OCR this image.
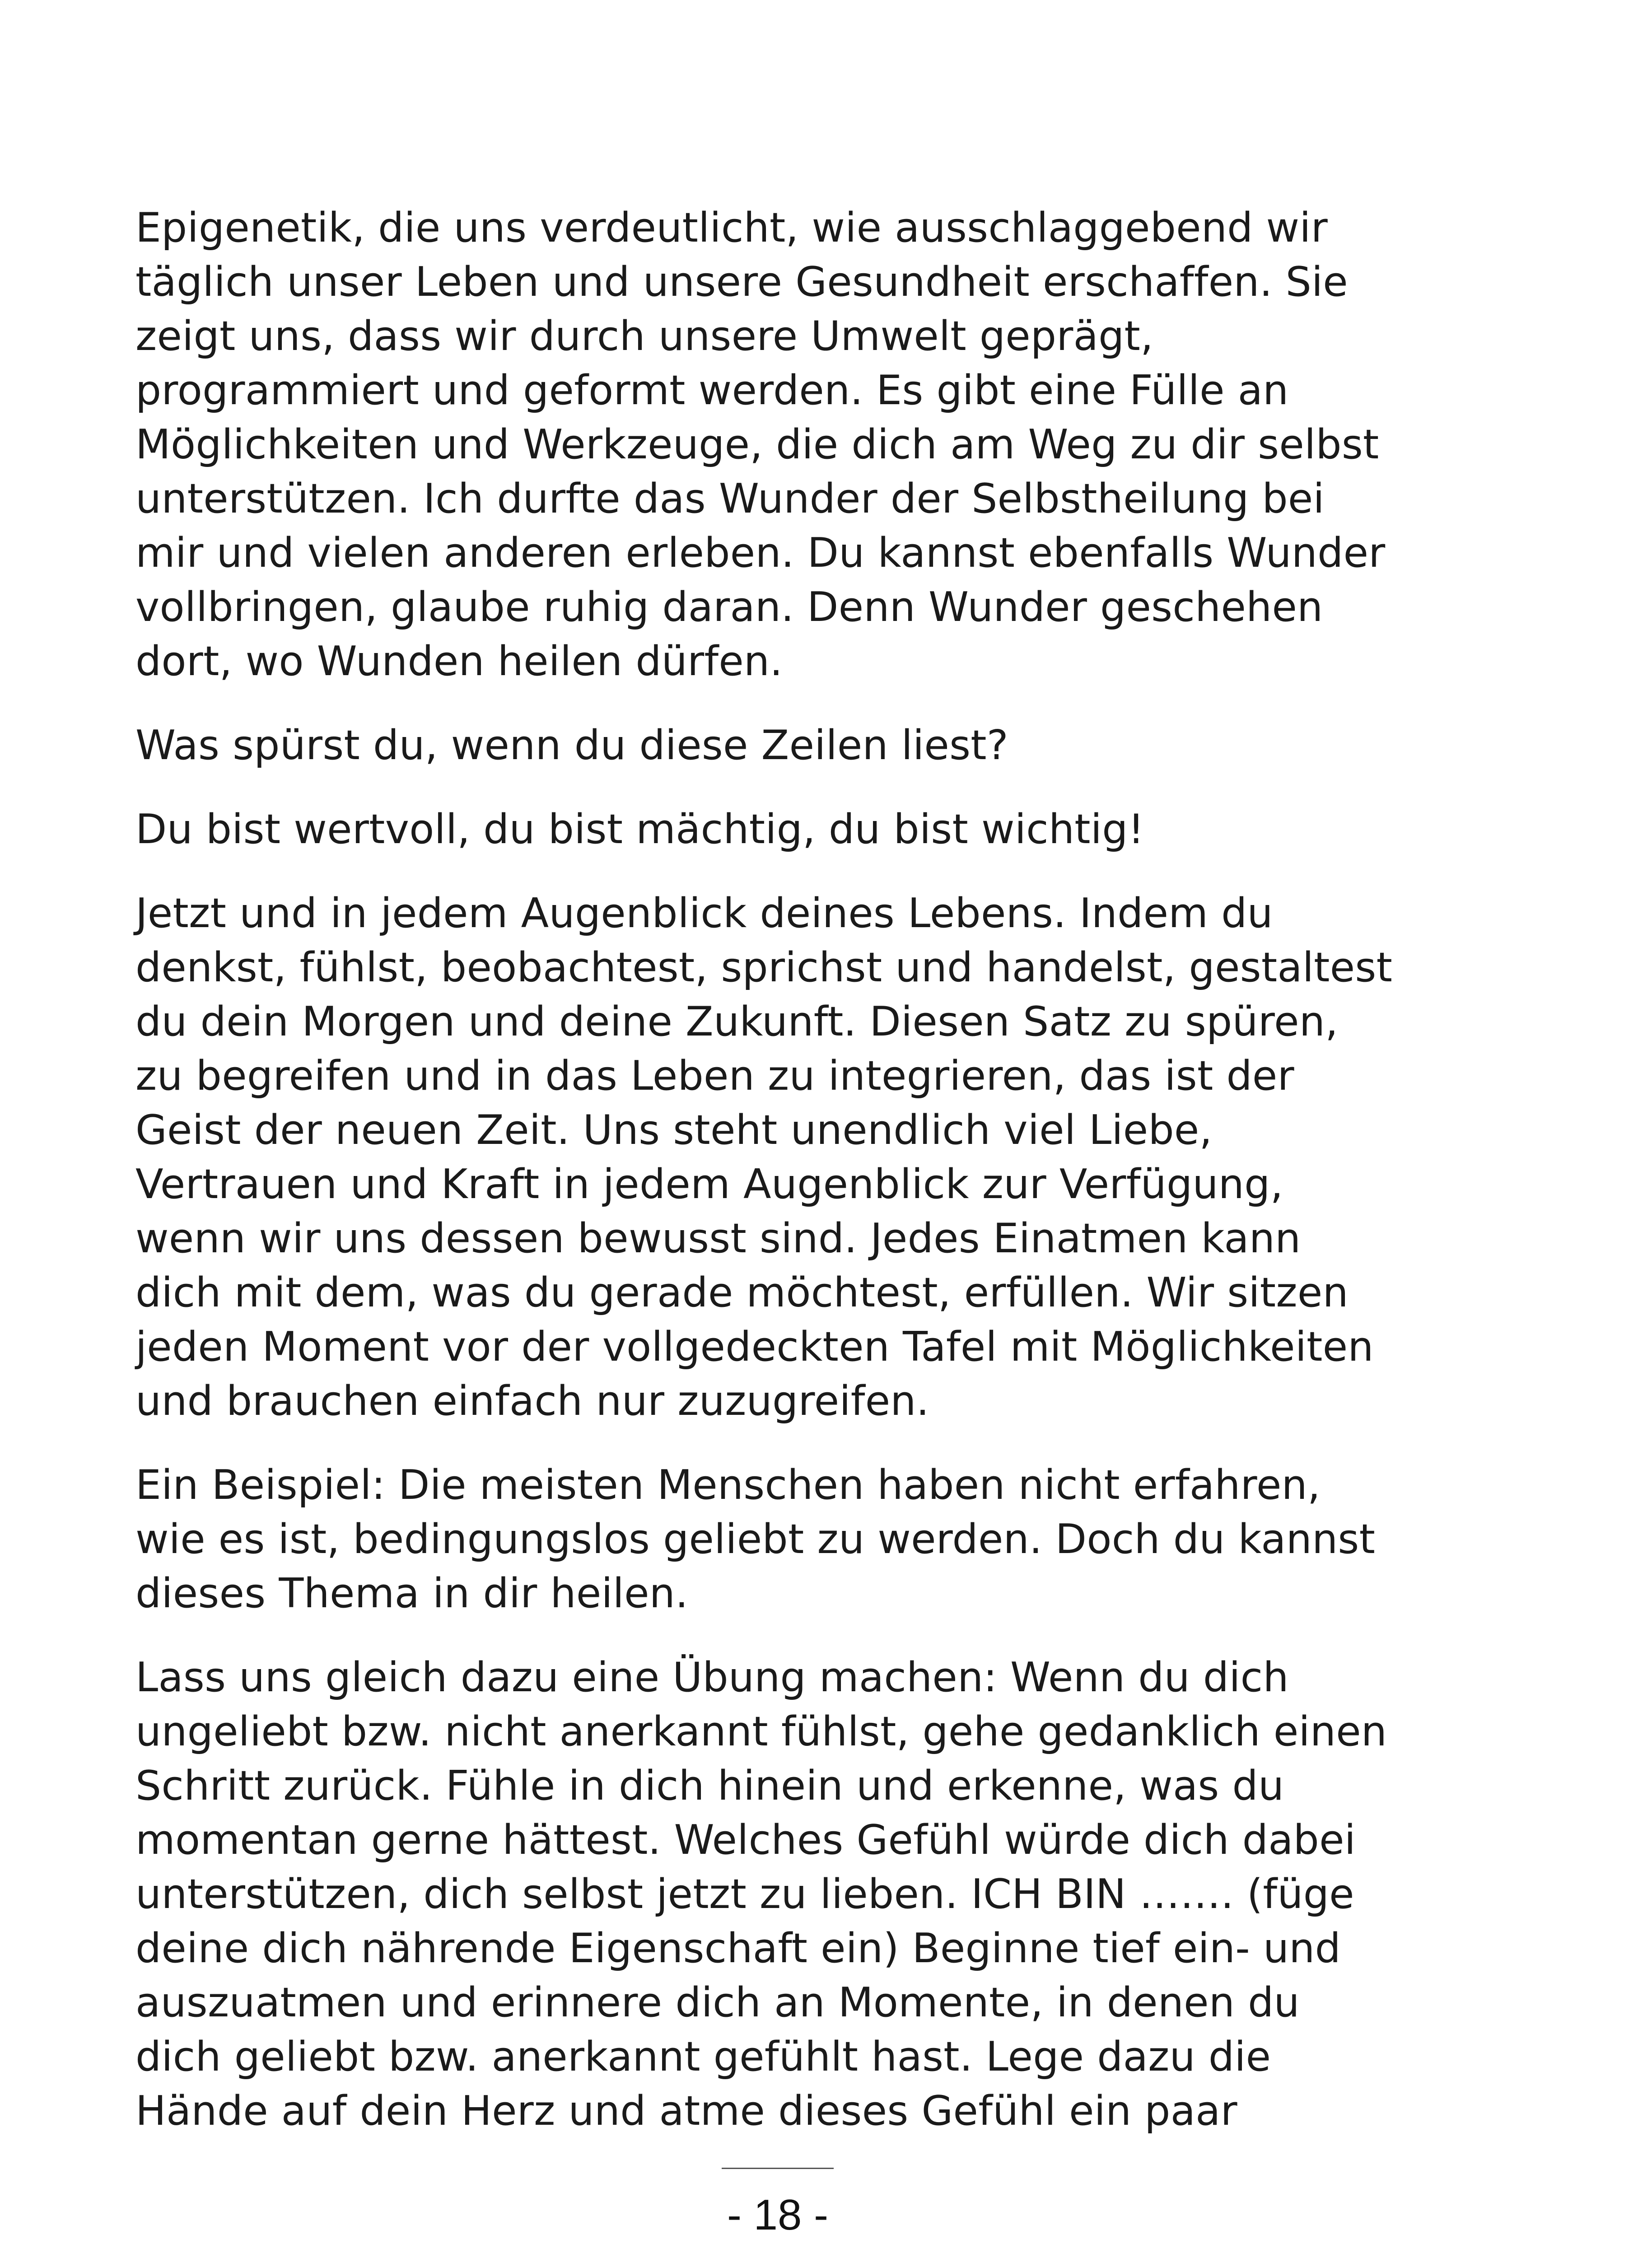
Epigenetik, die uns verdeutlicht, wie ausschlaggebend wir
täglich unser Leben und unsere Gesundheit erschaffen. Sie
zeigt uns, dass wir durch unsere Umwelt geprägt,
programmiert und geformt werden. Es gibt eine Fülle an
Möglichkeiten und Werkzeuge, die dich am Weg zu dir selbst
unterstützen. Ich durfte das Wunder der Selbstheilung bei
mir und vielen anderen erleben. Du kannst ebenfalls Wunder
vollbringen, glaube ruhig daran. Denn Wunder geschehen
dort, wo Wunden heilen dürfen.

Was spürst du, wenn du diese Zeilen liest?

Du bist wertvoll, du bist mächtig, du bist wichtig!

Jetzt und in jedem Augenblick deines Lebens. Indem du
denkst, fühlst, beobachtest, sprichst und handelst, gestaltest
du dein Morgen und deine Zukunft. Diesen Satz zu spüren,
zu begreifen und in das Leben zu integrieren, das ist der
Geist der neuen Zeit. Uns steht unendlich viel Liebe,
Vertrauen und Kraft in jedem Augenblick zur Verfügung,
wenn wir uns dessen bewusst sind. Jedes Einatmen kann
dich mit dem, was du gerade möchtest, erfüllen. Wir sitzen
jeden Moment vor der vollgedeckten Tafel mit Möglichkeiten
und brauchen einfach nur zuzugreifen.

Ein Beispiel: Die meisten Menschen haben nicht erfahren,
wie es ist, bedingungslos geliebt zu werden. Doch du kannst
dieses Thema in dir heilen.

Lass uns gleich dazu eine Übung machen: Wenn du dich
ungeliebt bzw. nicht anerkannt fühlst, gehe gedanklich einen
Schritt zurück. Fühle in dich hinein und erkenne, was du
momentan gerne hättest. Welches Gefühl würde dich dabei
unterstützen, dich selbst jetzt zu lieben. ICH BIN ……. (füge
deine dich nährende Eigenschaft ein) Beginne tief ein- und
auszuatmen und erinnere dich an Momente, in denen du
dich geliebt bzw. anerkannt gefühlt hast. Lege dazu die
Hände auf dein Herz und atme dieses Gefühl ein paar

- 18 -
